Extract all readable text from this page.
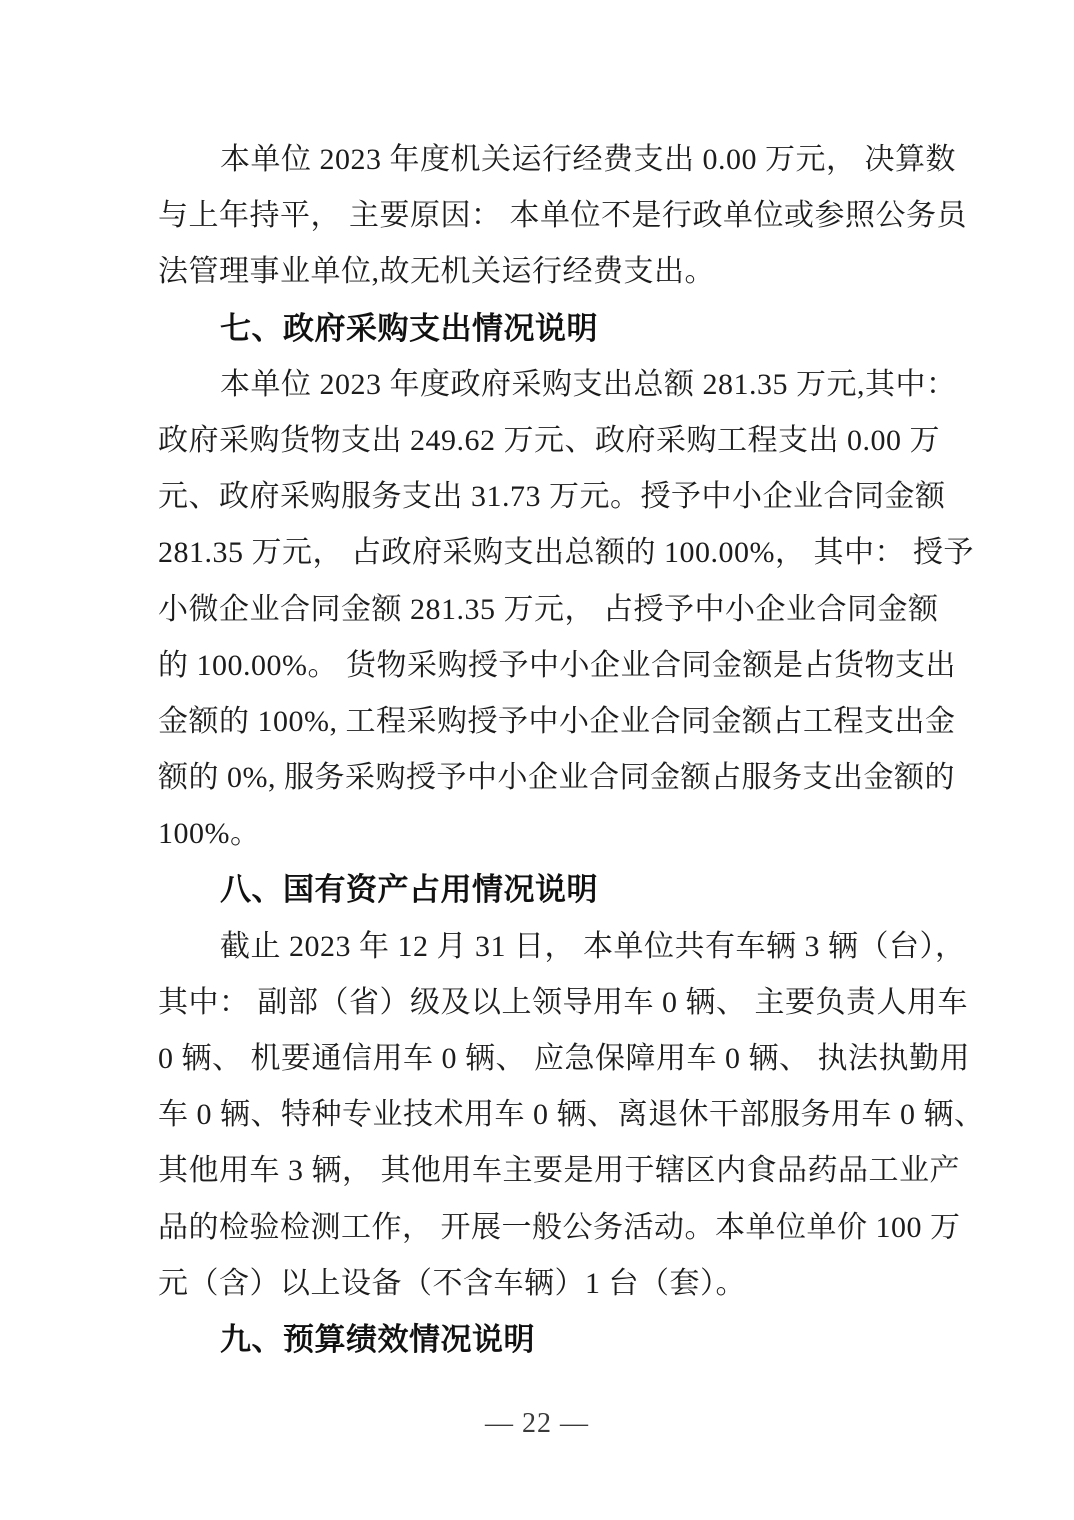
本单位 2023 年度机关运行经费支出 0.00 万元， 决算数
与上年持平， 主要原因： 本单位不是行政单位或参照公务员
法管理事业单位,故无机关运行经费支出。
七、政府采购支出情况说明
本单位 2023 年度政府采购支出总额 281.35 万元,其中：
政府采购货物支出 249.62 万元、政府采购工程支出 0.00 万
元、政府采购服务支出 31.73 万元。授予中小企业合同金额
281.35 万元， 占政府采购支出总额的 100.00%， 其中： 授予
小微企业合同金额 281.35 万元， 占授予中小企业合同金额
的 100.00%。 货物采购授予中小企业合同金额是占货物支出
金额的 100%, 工程采购授予中小企业合同金额占工程支出金
额的 0%, 服务采购授予中小企业合同金额占服务支出金额的
100%。
八、国有资产占用情况说明
截止 2023 年 12 月 31 日， 本单位共有车辆 3 辆（台），
其中： 副部（省）级及以上领导用车 0 辆、 主要负责人用车
0 辆、 机要通信用车 0 辆、 应急保障用车 0 辆、 执法执勤用
车 0 辆、特种专业技术用车 0 辆、离退休干部服务用车 0 辆、
其他用车 3 辆， 其他用车主要是用于辖区内食品药品工业产
品的检验检测工作， 开展一般公务活动。本单位单价 100 万
元（含）以上设备（不含车辆）1 台（套）。
九、预算绩效情况说明
— 22 —
